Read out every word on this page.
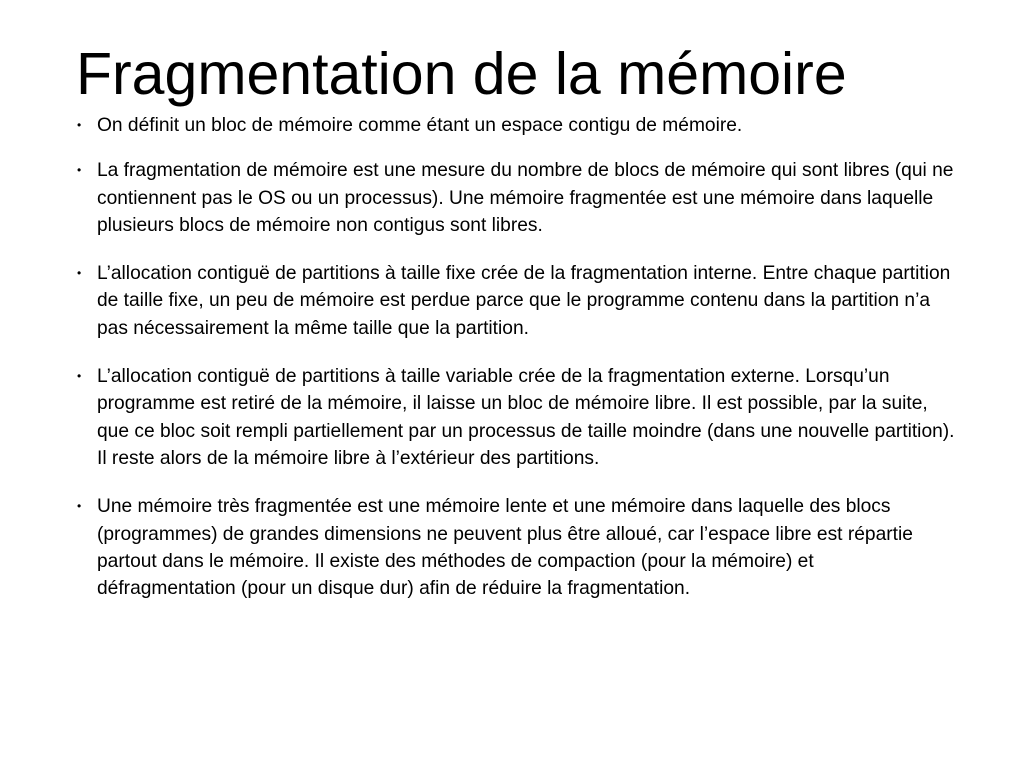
Fragmentation de la mémoire
• On définit un bloc de mémoire comme étant un espace contigu de mémoire.
• La fragmentation de mémoire est une mesure du nombre de blocs de mémoire qui sont libres (qui ne contiennent pas le OS ou un processus). Une mémoire fragmentée est une mémoire dans laquelle plusieurs blocs de mémoire non contigus sont libres.
• L’allocation contiguë de partitions à taille fixe crée de la fragmentation interne. Entre chaque partition de taille fixe, un peu de mémoire est perdue parce que le programme contenu dans la partition n’a pas nécessairement la même taille que la partition.
• L’allocation contiguë de partitions à taille variable crée de la fragmentation externe. Lorsqu’un programme est retiré de la mémoire, il laisse un bloc de mémoire libre. Il est possible, par la suite, que ce bloc soit rempli partiellement par un processus de taille moindre (dans une nouvelle partition). Il reste alors de la mémoire libre à l’extérieur des partitions.
• Une mémoire très fragmentée est une mémoire lente et une mémoire dans laquelle des blocs (programmes) de grandes dimensions ne peuvent plus être alloué, car l’espace libre est répartie partout dans le mémoire. Il existe des méthodes de compaction (pour la mémoire) et défragmentation (pour un disque dur) afin de réduire la fragmentation.
